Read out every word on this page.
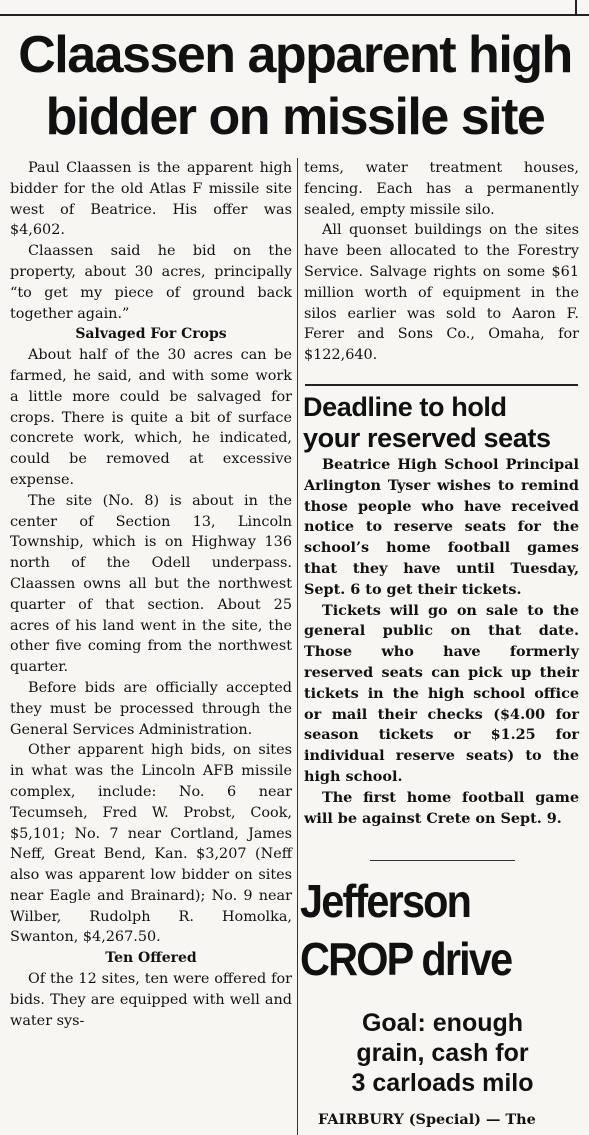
Claassen apparent high
bidder on missile site

Paul Claassen is the apparent high bidder for the old Atlas F missile site west of Beatrice. His offer was $4,602.

Claassen said he bid on the property, about 30 acres, principally “to get my piece of ground back together again.”

Salvaged For Crops

About half of the 30 acres can be farmed, he said, and with some work a little more could be salvaged for crops. There is quite a bit of surface concrete work, which, he indicated, could be removed at excessive expense.

The site (No. 8) is about in the center of Section 13, Lincoln Township, which is on Highway 136 north of the Odell underpass. Claassen owns all but the northwest quarter of that section. About 25 acres of his land went in the site, the other five coming from the northwest quarter.

Before bids are officially accepted they must be processed through the General Services Administration.

Other apparent high bids, on sites in what was the Lincoln AFB missile complex, include: No. 6 near Tecumseh, Fred W. Probst, Cook, $5,101; No. 7 near Cortland, James Neff, Great Bend, Kan. $3,207 (Neff also was apparent low bidder on sites near Eagle and Brainard); No. 9 near Wilber, Rudolph R. Homolka, Swanton, $4,267.50.

Ten Offered

Of the 12 sites, ten were offered for bids. They are equipped with well and water sys-

tems, water treatment houses, fencing. Each has a permanently sealed, empty missile silo.

All quonset buildings on the sites have been allocated to the Forestry Service. Salvage rights on some $61 million worth of equipment in the silos earlier was sold to Aaron F. Ferer and Sons Co., Omaha, for $122,640.

Deadline to hold
your reserved seats

Beatrice High School Principal Arlington Tyser wishes to remind those people who have received notice to reserve seats for the school’s home football games that they have until Tuesday, Sept. 6 to get their tickets.

Tickets will go on sale to the general public on that date. Those who have formerly reserved seats can pick up their tickets in the high school office or mail their checks ($4.00 for season tickets or $1.25 for individual reserve seats) to the high school.

The first home football game will be against Crete on Sept. 9.

Jefferson
CROP drive
Goal: enough
grain, cash for
3 carloads milo
FAIRBURY (Special) — The
